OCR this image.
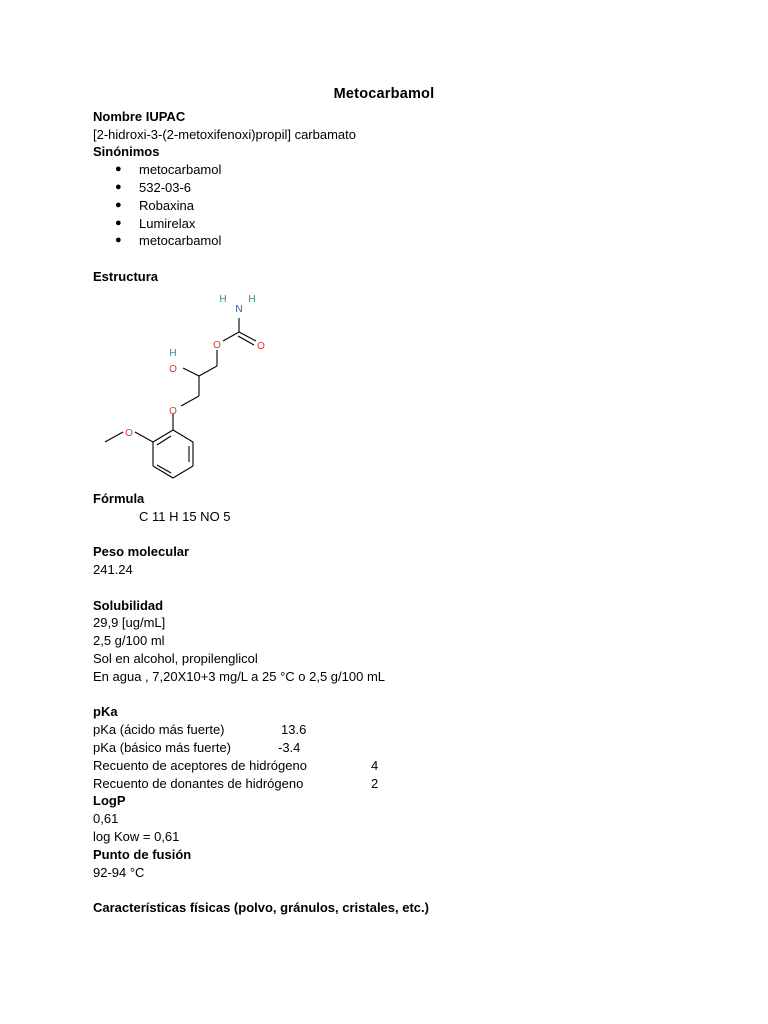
Metocarbamol
Nombre IUPAC
[2-hidroxi-3-(2-metoxifenoxi)propil] carbamato
Sinónimos
● metocarbamol
● 532-03-6
● Robaxina
● Lumirelax
● metocarbamol
Estructura
H
N
H
O
O
H
O
O
O
Fórmula
C 11 H 15 NO 5
Peso molecular
241.24
Solubilidad
29,9 [ug/mL]
2,5 g/100 ml
Sol en alcohol, propilenglicol
En agua , 7,20X10+3 mg/L a 25 °C o 2,5 g/100 mL
pKa
pKa (ácido más fuerte)	13.6
pKa (básico más fuerte)	-3.4
Recuento de aceptores de hidrógeno	4
Recuento de donantes de hidrógeno	2
LogP
0,61
log Kow = 0,61
Punto de fusión
92-94 °C
Características físicas (polvo, gránulos, cristales, etc.)
